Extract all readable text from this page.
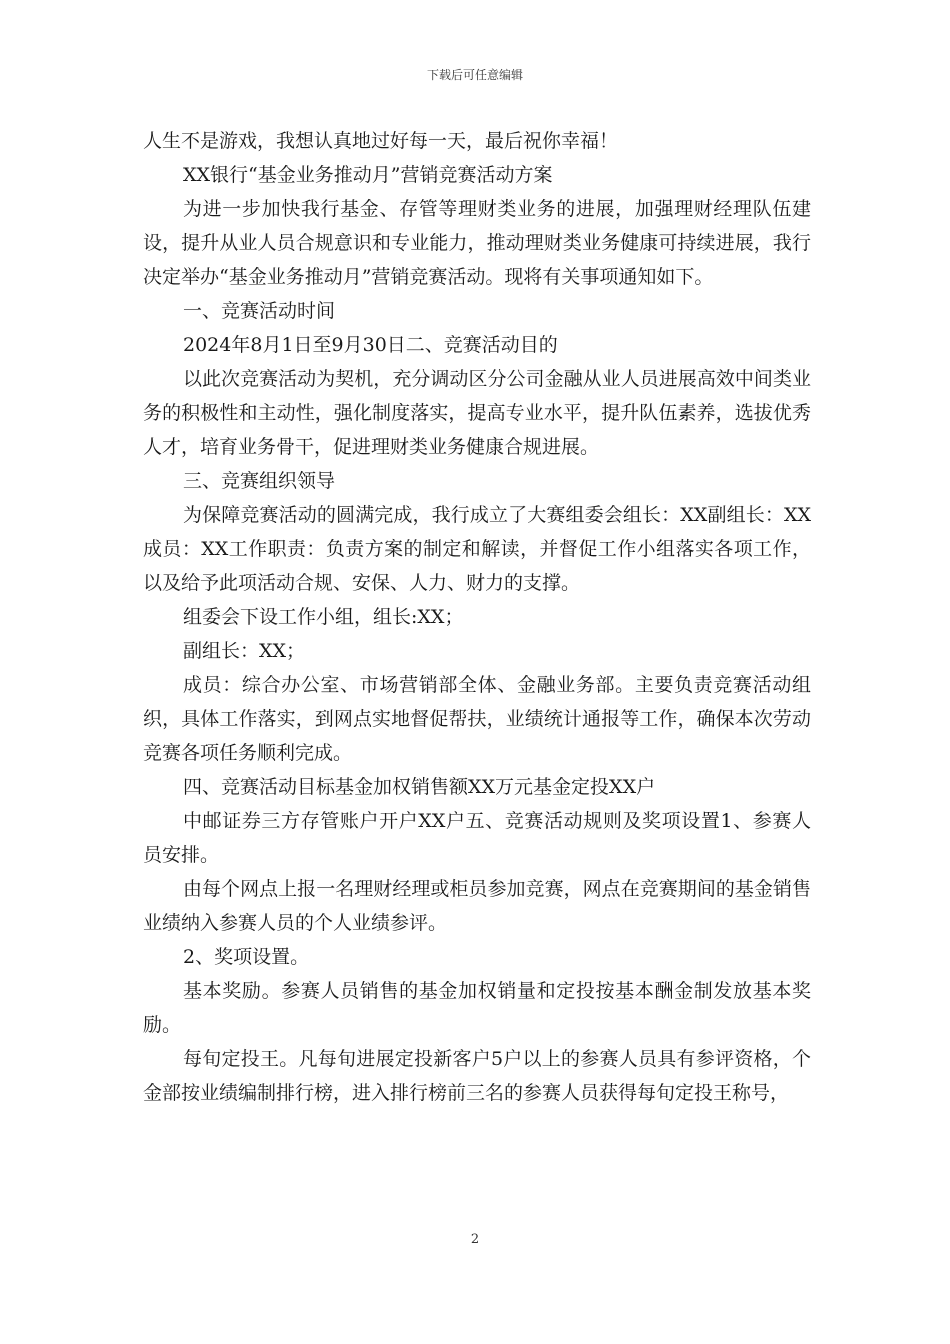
下载后可任意编辑

人生不是游戏，我想认真地过好每一天，最后祝你幸福！

XX银行“基金业务推动月”营销竞赛活动方案

为进一步加快我行基金、存管等理财类业务的进展，加强理财经理队伍建设，提升从业人员合规意识和专业能力，推动理财类业务健康可持续进展，我行决定举办“基金业务推动月”营销竞赛活动。现将有关事项通知如下。

一、竞赛活动时间

2024年8月1日至9月30日二、竞赛活动目的

以此次竞赛活动为契机，充分调动区分公司金融从业人员进展高效中间类业务的积极性和主动性，强化制度落实，提高专业水平，提升队伍素养，选拔优秀人才，培育业务骨干，促进理财类业务健康合规进展。

三、竞赛组织领导

为保障竞赛活动的圆满完成，我行成立了大赛组委会组长：XX副组长：XX成员：XX工作职责：负责方案的制定和解读，并督促工作小组落实各项工作，以及给予此项活动合规、安保、人力、财力的支撑。

组委会下设工作小组，组长:XX；

副组长：XX；

成员：综合办公室、市场营销部全体、金融业务部。主要负责竞赛活动组织，具体工作落实，到网点实地督促帮扶，业绩统计通报等工作，确保本次劳动竞赛各项任务顺利完成。

四、竞赛活动目标基金加权销售额XX万元基金定投XX户

中邮证券三方存管账户开户XX户五、竞赛活动规则及奖项设置1、参赛人员安排。

由每个网点上报一名理财经理或柜员参加竞赛，网点在竞赛期间的基金销售业绩纳入参赛人员的个人业绩参评。

2、奖项设置。

基本奖励。参赛人员销售的基金加权销量和定投按基本酬金制发放基本奖励。

每旬定投王。凡每旬进展定投新客户5户以上的参赛人员具有参评资格，个金部按业绩编制排行榜，进入排行榜前三名的参赛人员获得每旬定投王称号，

2
